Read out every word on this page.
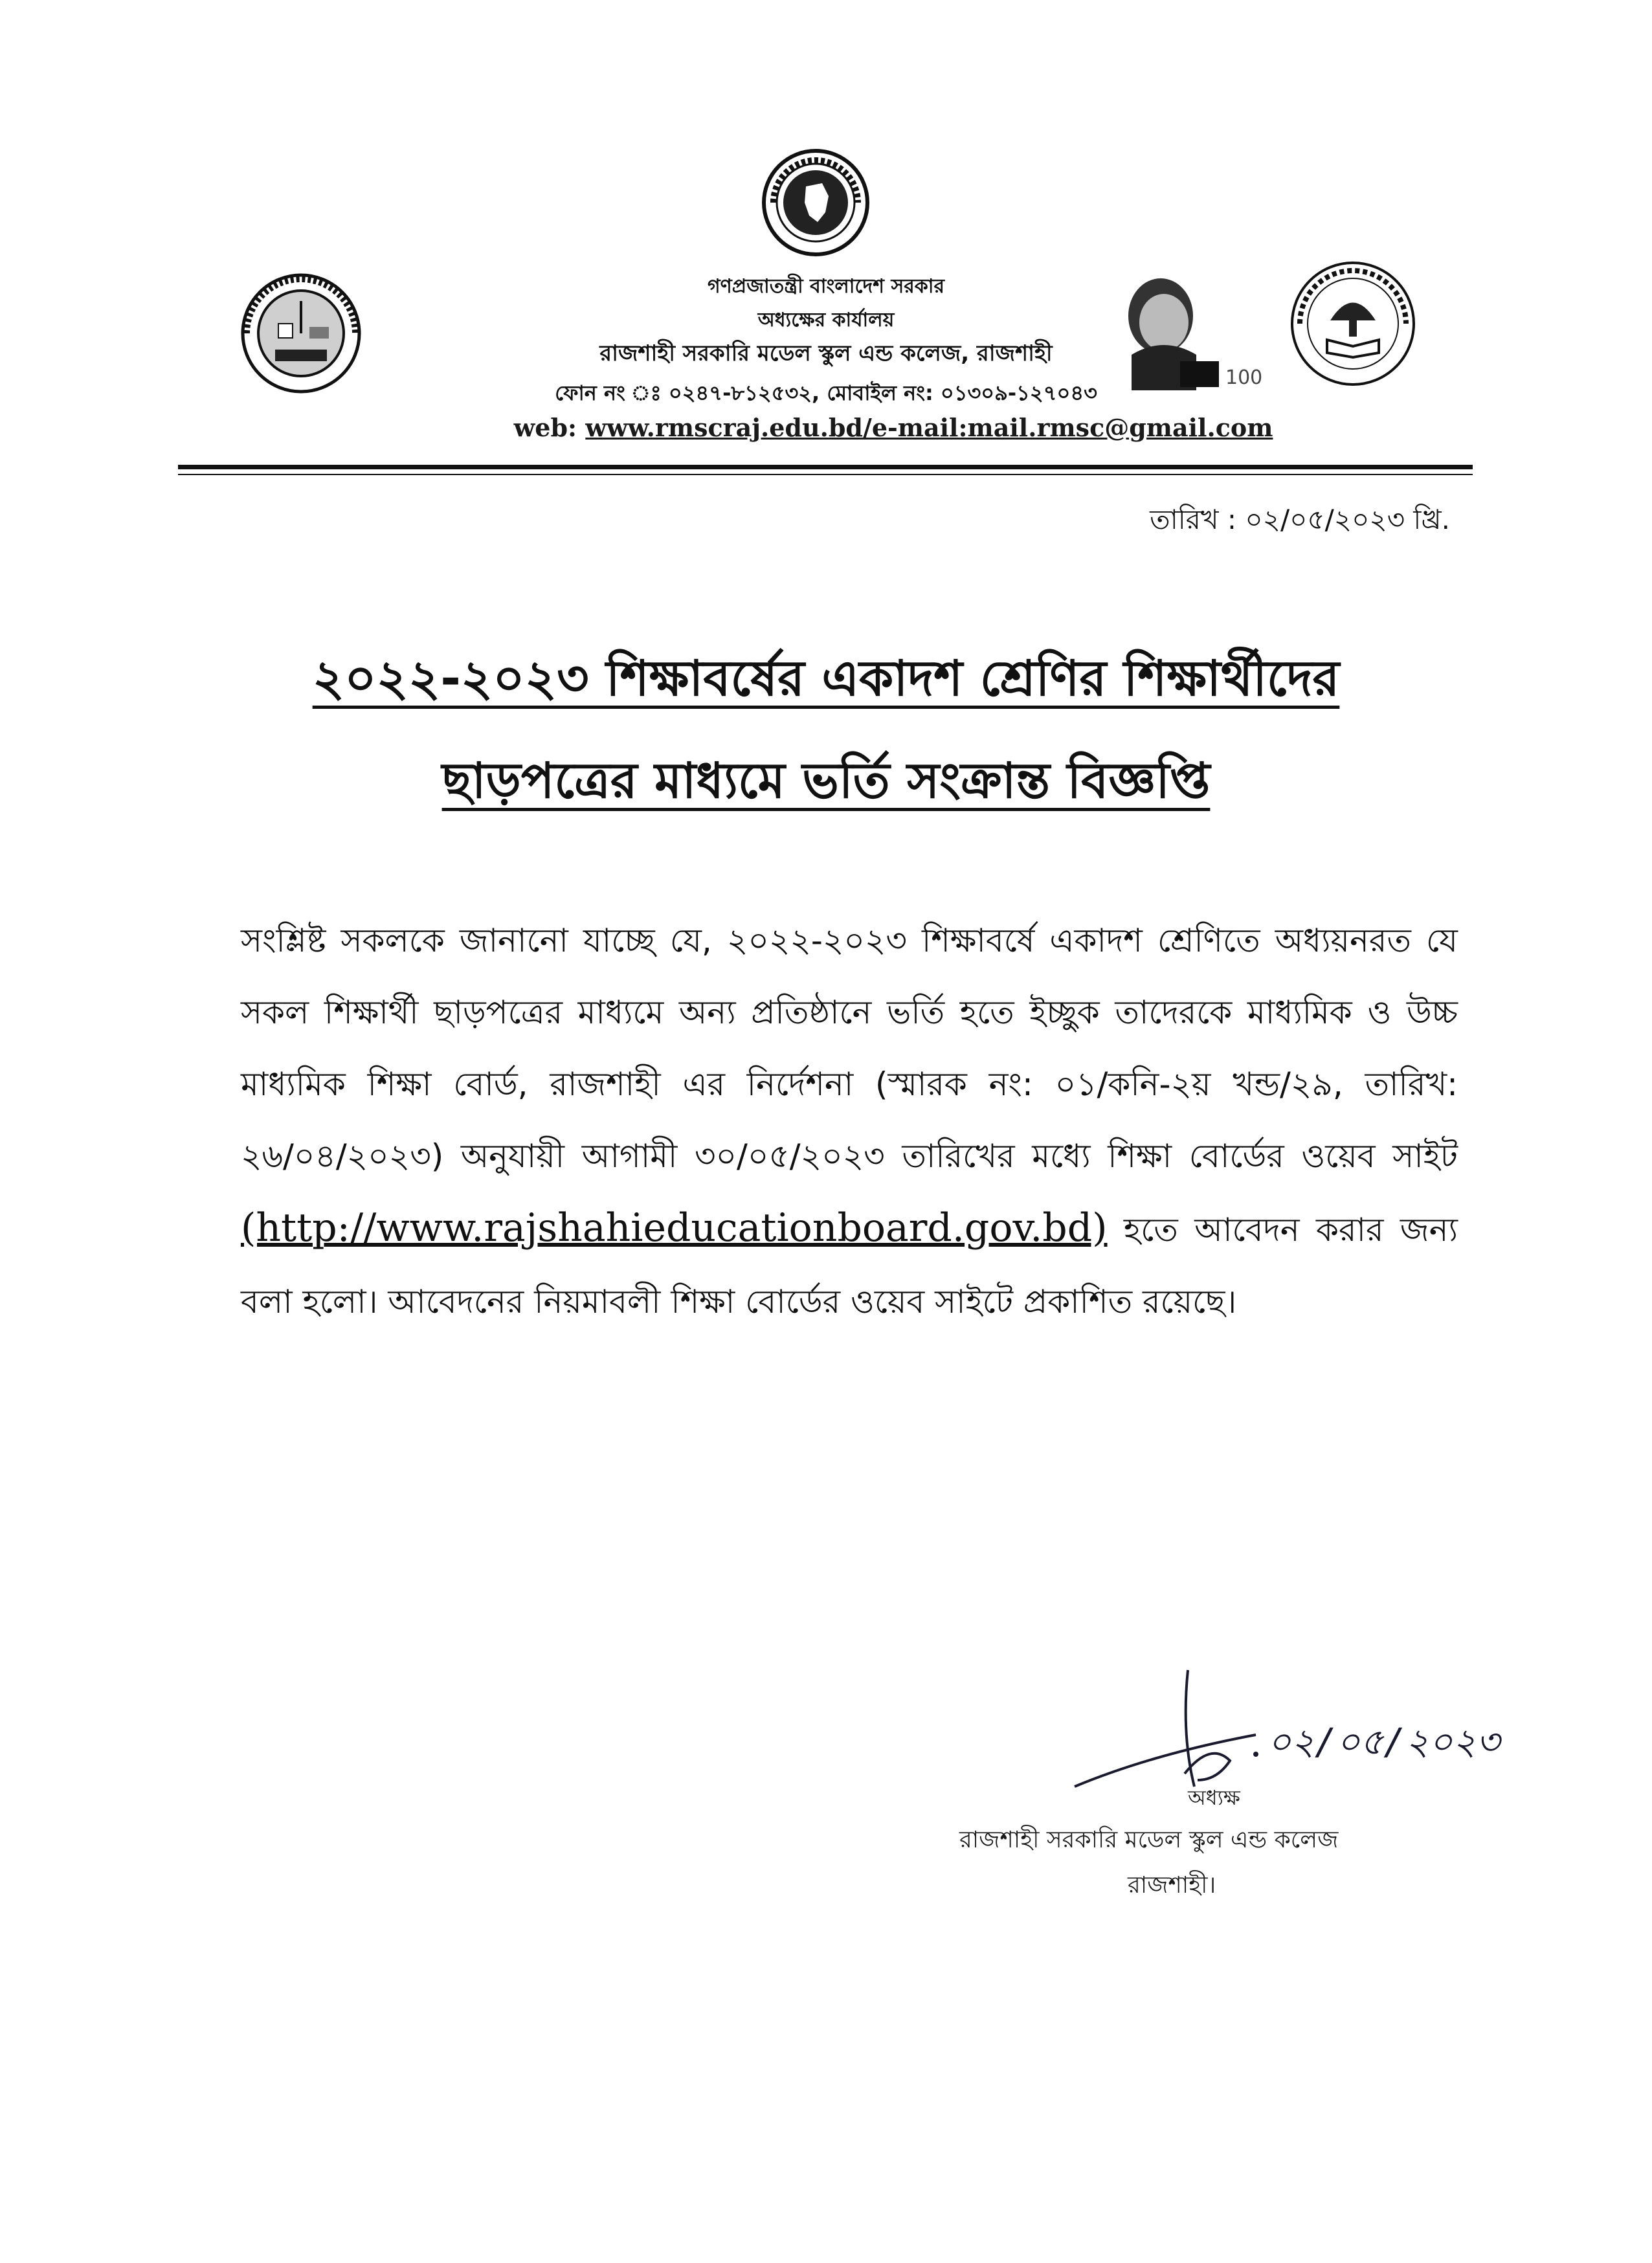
100
গণপ্রজাতন্ত্রী বাংলাদেশ সরকার
অধ্যক্ষের কার্যালয়
রাজশাহী সরকারি মডেল স্কুল এন্ড কলেজ, রাজশাহী
ফোন নং ঃ ০২৪৭-৮১২৫৩২, মোবাইল নং: ০১৩০৯-১২৭০৪৩
web: www.rmscraj.edu.bd/e-mail:mail.rmsc@gmail.com
তারিখ : ০২/০৫/২০২৩ খ্রি.
২০২২-২০২৩ শিক্ষাবর্ষের একাদশ শ্রেণির শিক্ষার্থীদের
ছাড়পত্রের মাধ্যমে ভর্তি সংক্রান্ত বিজ্ঞপ্তি
সংশ্লিষ্ট সকলকে জানানো যাচ্ছে যে, ২০২২-২০২৩ শিক্ষাবর্ষে একাদশ শ্রেণিতে অধ্যয়নরত যে সকল শিক্ষার্থী ছাড়পত্রের মাধ্যমে অন্য প্রতিষ্ঠানে ভর্তি হতে ইচ্ছুক তাদেরকে মাধ্যমিক ও উচ্চ মাধ্যমিক শিক্ষা বোর্ড, রাজশাহী এর নির্দেশনা (স্মারক নং: ০১/কনি-২য় খন্ড/২৯, তারিখ: ২৬/০৪/২০২৩) অনুযায়ী আগামী ৩০/০৫/২০২৩ তারিখের মধ্যে শিক্ষা বোর্ডের ওয়েব সাইট (http://www.rajshahieducationboard.gov.bd) হতে আবেদন করার জন্য বলা হলো। আবেদনের নিয়মাবলী শিক্ষা বোর্ডের ওয়েব সাইটে প্রকাশিত রয়েছে।
০২/০৫/২০২৩
অধ্যক্ষ
রাজশাহী সরকারি মডেল স্কুল এন্ড কলেজ
রাজশাহী।
